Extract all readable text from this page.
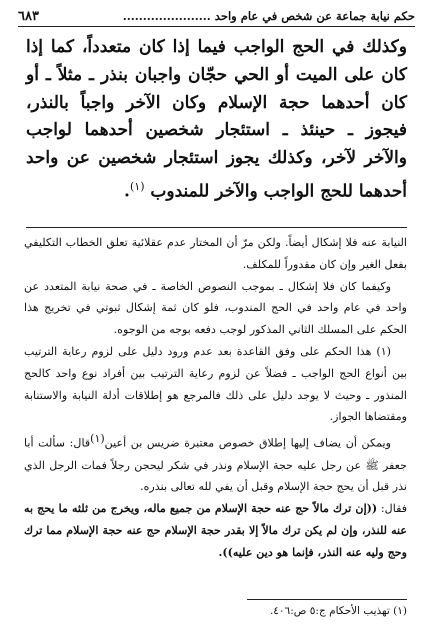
حكم نيابة جماعة عن شخص في عام واحد ......................
٦٨٣

وكذلك في الحج الواجب فيما إذا كان متعدداً، كما إذا كان على الميت أو الحي حجّان واجبان بنذر ـ مثلاً ـ أو كان أحدهما حجة الإسلام وكان الآخر واجباً بالنذر، فيجوز ـ حينئذ ـ استئجار شخصين أحدهما لواجب والآخر لآخر، وكذلك يجوز استئجار شخصين عن واحد أحدهما للحج الواجب والآخر للمندوب $^{(١)}$.

النيابة عنه فلا إشكال أيضاً. ولكن مرّ أن المختار عدم عقلائية تعلق الخطاب التكليفي بفعل الغير وإن كان مقدوراً للمكلف.

وكيفما كان فلا إشكال ـ بموجب النصوص الخاصة ـ في صحة نيابة المتعدد عن واحد في عام واحد في الحج المندوب، فلو كان ثمة إشكال ثبوتي في تخريج هذا الحكم على المسلك الثاني المذكور لوجب دفعه بوجه من الوجوه.

(١) هذا الحكم على وفق القاعدة بعد عدم ورود دليل على لزوم رعاية الترتيب بين أنواع الحج الواجب ـ فضلاً عن لزوم رعاية الترتيب بين أفراد نوع واحد كالحج المنذور ـ وحيث لا يوجد دليل على ذلك فالمرجع هو إطلاقات أدلة النيابة والاستنابة ومقتضاها الجواز.

ويمكن أن يضاف إليها إطلاق خصوص معتبرة ضريس بن أعين(١)قال: سألت أبا جعفر ﷺ عن رجل عليه حجة الإسلام ونذر في شكر ليحجن رجلاً فمات الرجل الذي نذر قبل أن يحج حجة الإسلام وقبل أن يفي لله تعالى بنذره.

فقال: ((إن ترك مالاً حج عنه حجة الإسلام من جميع ماله، ويخرج من ثلثه ما يحج به عنه للنذر، وإن لم يكن ترك مالاً إلا بقدر حجة الإسلام حج عنه حجة الإسلام مما ترك وحج وليه عنه النذر، فإنما هو دين عليه)).

(١) تهذيب الأحكام ج:٥ ص:٤٠٦.
